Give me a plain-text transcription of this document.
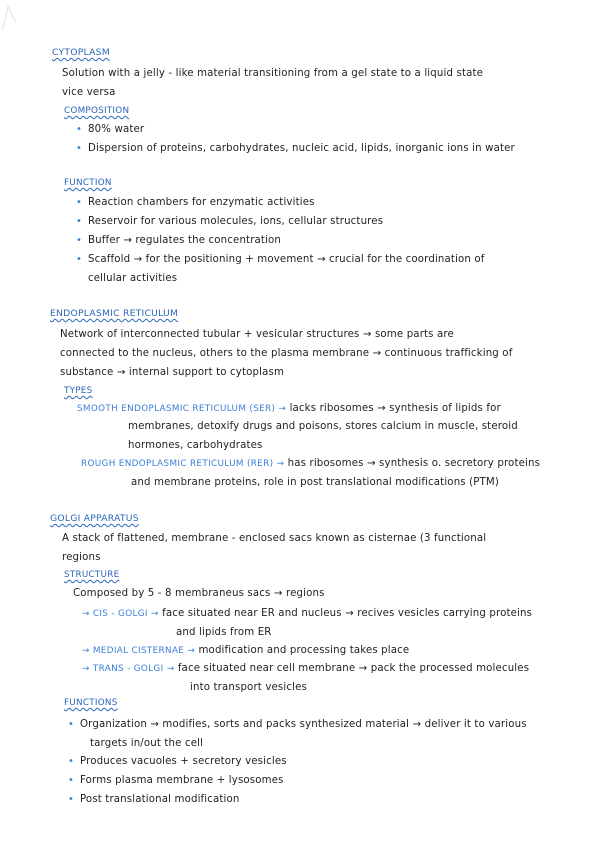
CYTOPLASM
Solution with a jelly - like material transitioning from a gel state to a liquid state
vice versa
COMPOSITION
• 80% water
• Dispersion of proteins, carbohydrates, nucleic acid, lipids, inorganic ions in water
FUNCTION
• Reaction chambers for enzymatic activities
• Reservoir for various molecules, ions, cellular structures
• Buffer → regulates the concentration
• Scaffold → for the positioning + movement → crucial for the coordination of
cellular activities
ENDOPLASMIC RETICULUM
Network of interconnected tubular + vesicular structures → some parts are
connected to the nucleus, others to the plasma membrane → continuous trafficking of
substance → internal support to cytoplasm
TYPES
SMOOTH ENDOPLASMIC RETICULUM (SER) → lacks ribosomes → synthesis of lipids for
membranes, detoxify drugs and poisons, stores calcium in muscle, steroid
hormones, carbohydrates
ROUGH ENDOPLASMIC RETICULUM (RER) → has ribosomes → synthesis o. secretory proteins
and membrane proteins, role in post translational modifications (PTM)
GOLGI APPARATUS
A stack of flattened, membrane - enclosed sacs known as cisternae (3 functional
regions
STRUCTURE
Composed by 5 - 8 membraneus sacs → regions
→ CIS - GOLGI → face situated near ER and nucleus → recives vesicles carrying proteins
and lipids from ER
→ MEDIAL CISTERNAE → modification and processing takes place
→ TRANS - GOLGI → face situated near cell membrane → pack the processed molecules
into transport vesicles
FUNCTIONS
• Organization → modifies, sorts and packs synthesized material → deliver it to various
targets in/out the cell
• Produces vacuoles + secretory vesicles
• Forms plasma membrane + lysosomes
• Post translational modification
